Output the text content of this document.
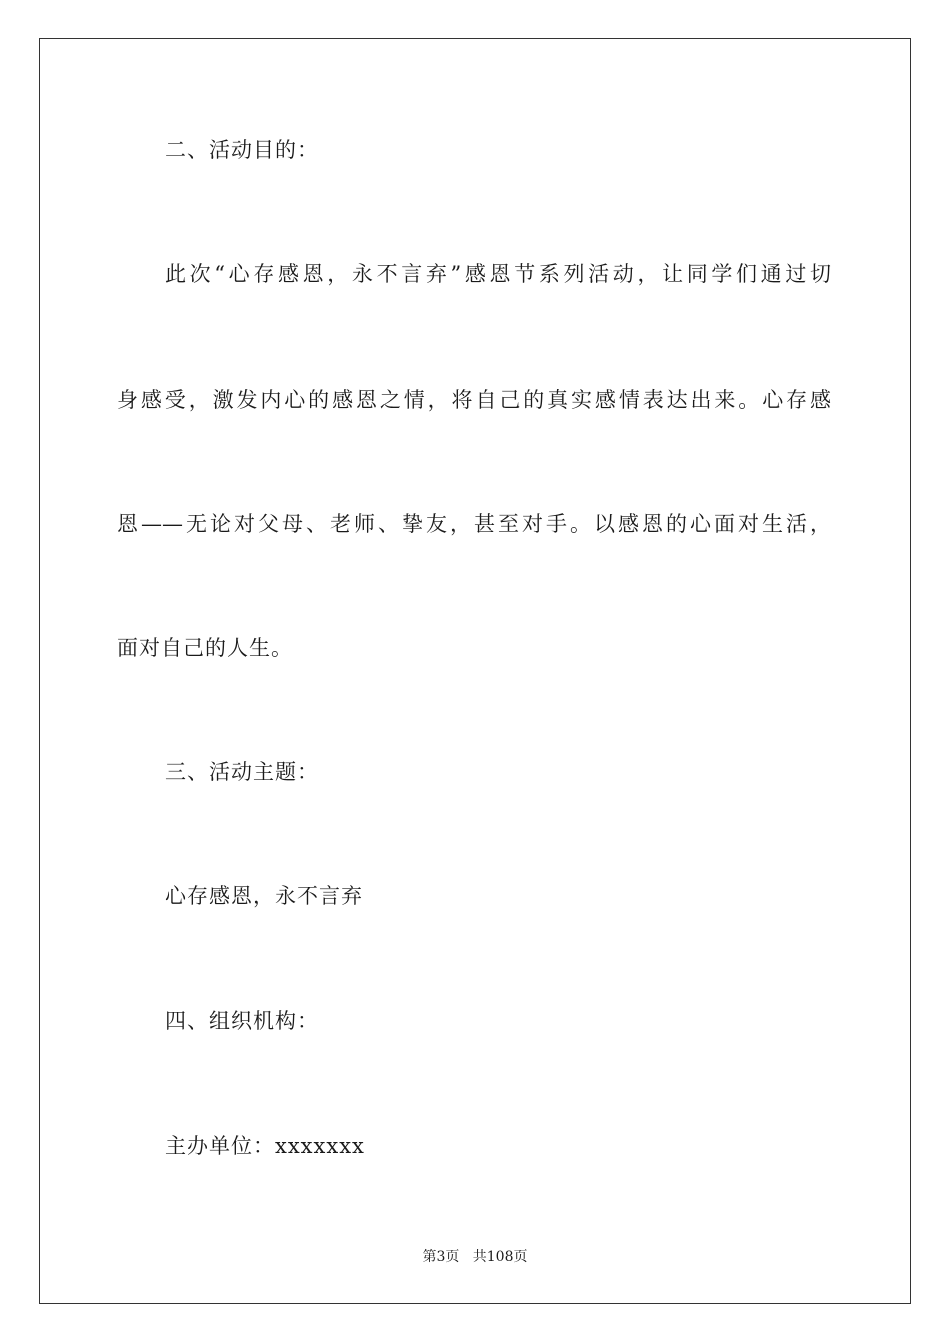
二、活动目的：
此次“心存感恩，永不言弃”感恩节系列活动，让同学们通过切
身感受，激发内心的感恩之情，将自己的真实感情表达出来。心存感
恩——无论对父母、老师、挚友，甚至对手。以感恩的心面对生活，
面对自己的人生。
三、活动主题：
心存感恩，永不言弃
四、组织机构：
主办单位：xxxxxxx
第3页 共108页
